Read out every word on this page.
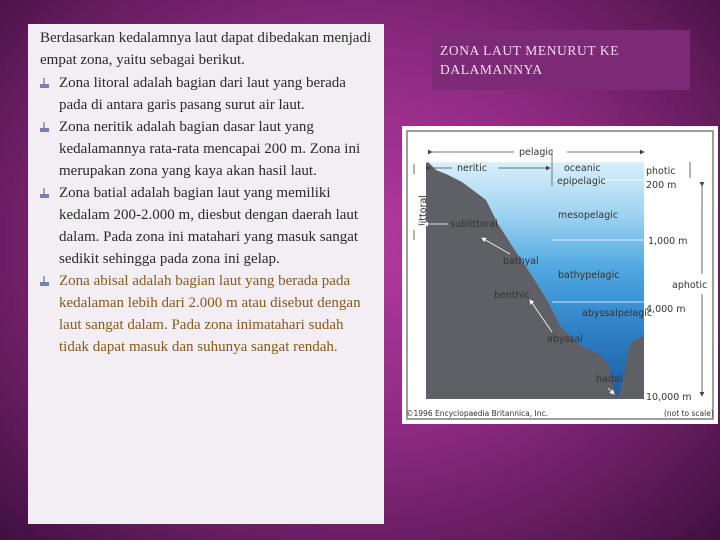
Berdasarkan kedalamnya laut dapat dibedakan menjadi empat zona, yaitu sebagai berikut.

Zona litoral adalah bagian dari laut yang berada pada di antara garis pasang surut air laut.
Zona neritik adalah bagian dasar laut yang kedalamannya rata-rata mencapai 200 m. Zona ini merupakan zona yang kaya akan hasil laut.
Zona batial adalah bagian laut yang memiliki kedalam 200-2.000 m, diesbut dengan daerah laut dalam. Pada zona ini matahari yang masuk sangat sedikit sehingga pada zona ini gelap.
Zona abisal adalah bagian laut yang berada pada kedalaman lebih dari 2.000 m atau disebut dengan laut sangat dalam. Pada zona inimatahari sudah tidak dapat masuk dan suhunya sangat rendah.
ZONA LAUT MENURUT KE DALAMANNYA
pelagic
neritic	oceanic
epipelagic
mesopelagic
bathypelagic
abyssalpelagic
photic
200 m
1,000 m
aphotic
4,000 m
10,000 m
littoral sublittoral
bathyal
benthic
abyssal
hadal
©1996 Encyclopaedia Britannica, Inc.	(not to scale)
